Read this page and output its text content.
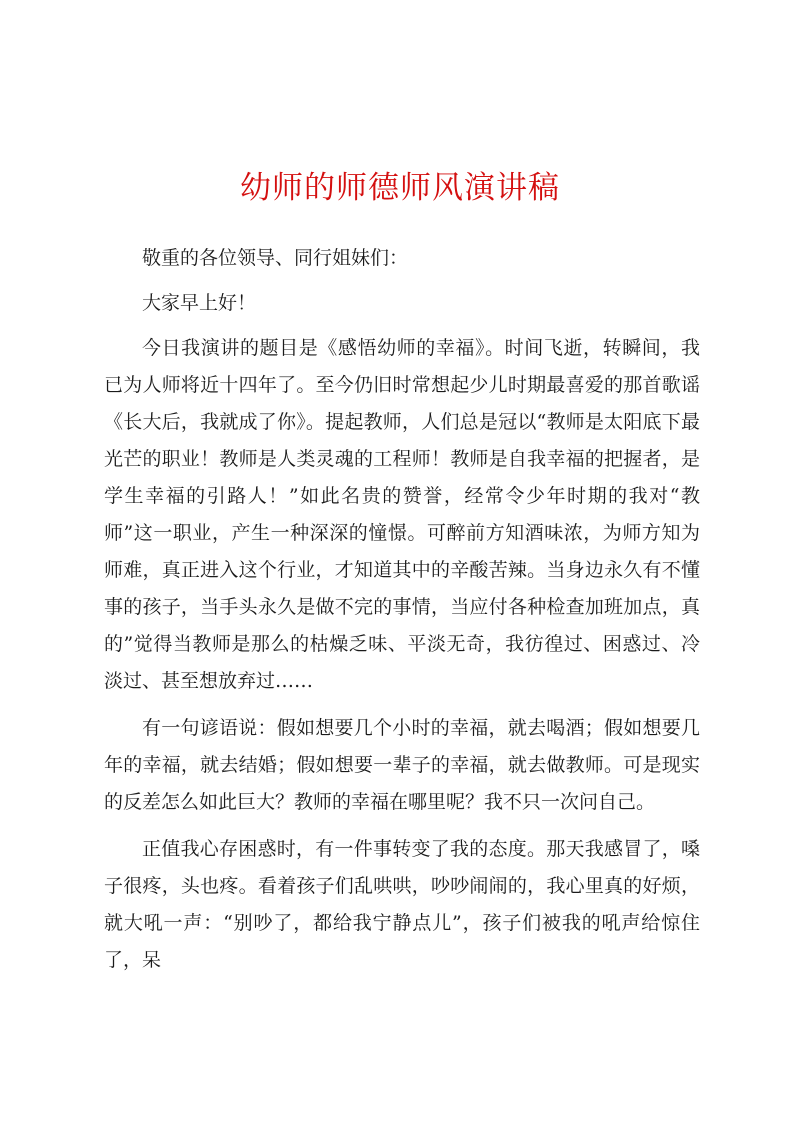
幼师的师德师风演讲稿

敬重的各位领导、同行姐妹们：

大家早上好！

今日我演讲的题目是《感悟幼师的幸福》。时间飞逝，转瞬间，我已为人师将近十四年了。至今仍旧时常想起少儿时期最喜爱的那首歌谣《长大后，我就成了你》。提起教师，人们总是冠以“教师是太阳底下最光芒的职业！教师是人类灵魂的工程师！教师是自我幸福的把握者，是学生幸福的引路人！”如此名贵的赞誉，经常令少年时期的我对“教师”这一职业，产生一种深深的憧憬。可醉前方知酒味浓，为师方知为师难，真正进入这个行业，才知道其中的辛酸苦辣。当身边永久有不懂事的孩子，当手头永久是做不完的事情，当应付各种检查加班加点，真的”觉得当教师是那么的枯燥乏味、平淡无奇，我彷徨过、困惑过、冷淡过、甚至想放弃过……

有一句谚语说：假如想要几个小时的幸福，就去喝酒；假如想要几年的幸福，就去结婚；假如想要一辈子的幸福，就去做教师。可是现实的反差怎么如此巨大？教师的幸福在哪里呢？我不只一次问自己。

正值我心存困惑时，有一件事转变了我的态度。那天我感冒了，嗓子很疼，头也疼。看着孩子们乱哄哄，吵吵闹闹的，我心里真的好烦，就大吼一声：“别吵了，都给我宁静点儿”，孩子们被我的吼声给惊住了，呆
